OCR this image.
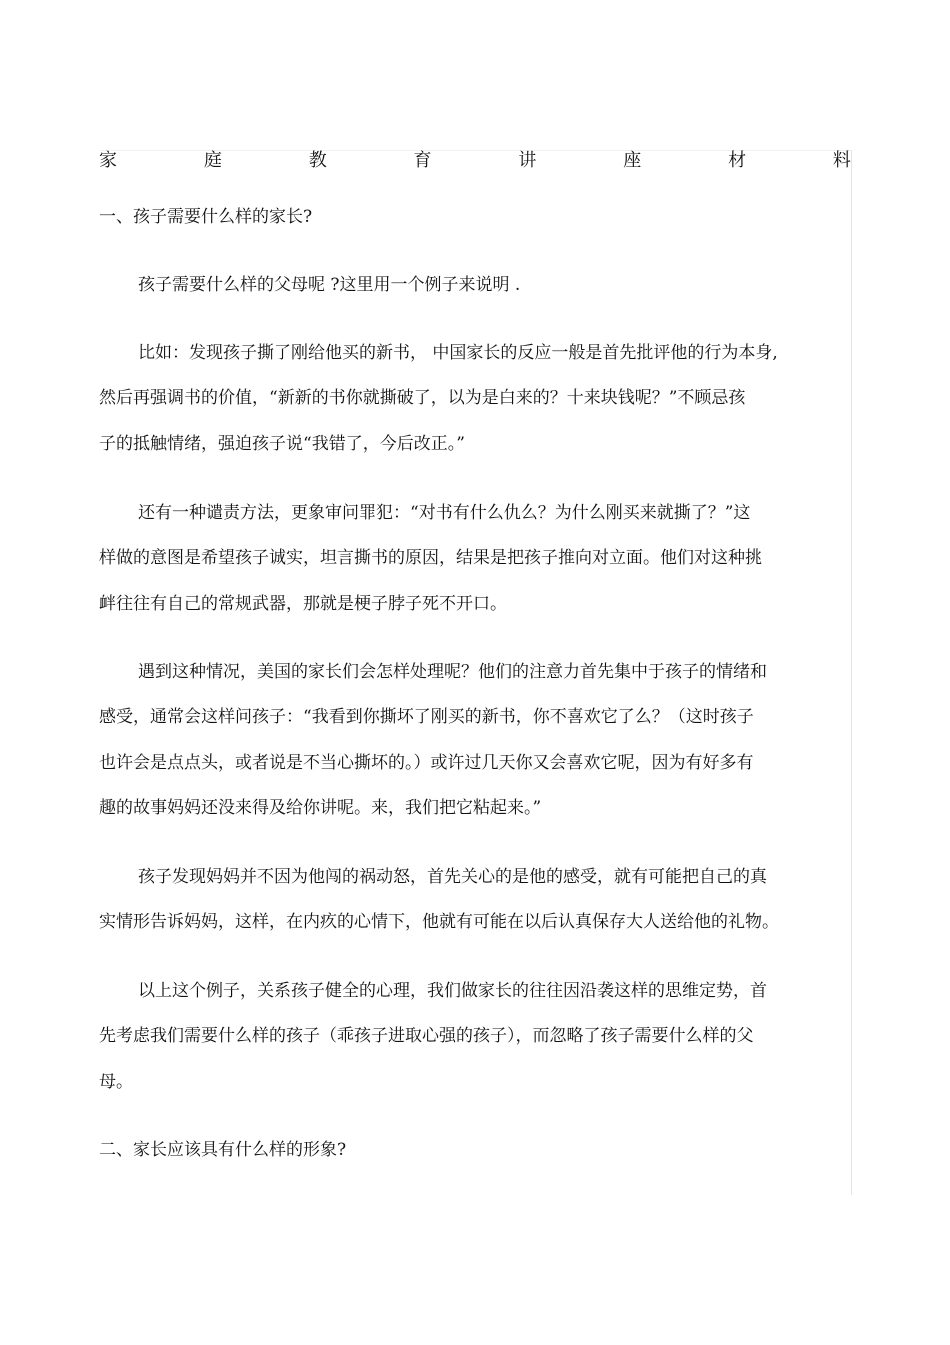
家	庭	教	育	讲	座	材	料
一、孩子需要什么样的家长?
孩子需要什么样的父母呢 ?这里用一个例子来说明 .
比如：发现孩子撕了刚给他买的新书， 中国家长的反应一般是首先批评他的行为本身,
然后再强调书的价值，“新新的书你就撕破了，以为是白来的？十来块钱呢？”不顾忌孩
子的抵触情绪，强迫孩子说“我错了，今后改正。”
还有一种谴责方法，更象审问罪犯：“对书有什么仇么？为什么刚买来就撕了？”这
样做的意图是希望孩子诚实，坦言撕书的原因，结果是把孩子推向对立面。他们对这种挑
衅往往有自己的常规武器，那就是梗子脖子死不开口。
遇到这种情况，美国的家长们会怎样处理呢？他们的注意力首先集中于孩子的情绪和
感受，通常会这样问孩子：“我看到你撕坏了刚买的新书，你不喜欢它了么？（这时孩子
也许会是点点头，或者说是不当心撕坏的。）或许过几天你又会喜欢它呢，因为有好多有
趣的故事妈妈还没来得及给你讲呢。来，我们把它粘起来。”
孩子发现妈妈并不因为他闯的祸动怒，首先关心的是他的感受，就有可能把自己的真
实情形告诉妈妈，这样，在内疚的心情下，他就有可能在以后认真保存大人送给他的礼物。
以上这个例子，关系孩子健全的心理，我们做家长的往往因沿袭这样的思维定势，首
先考虑我们需要什么样的孩子（乖孩子进取心强的孩子），而忽略了孩子需要什么样的父
母。
二、家长应该具有什么样的形象?
